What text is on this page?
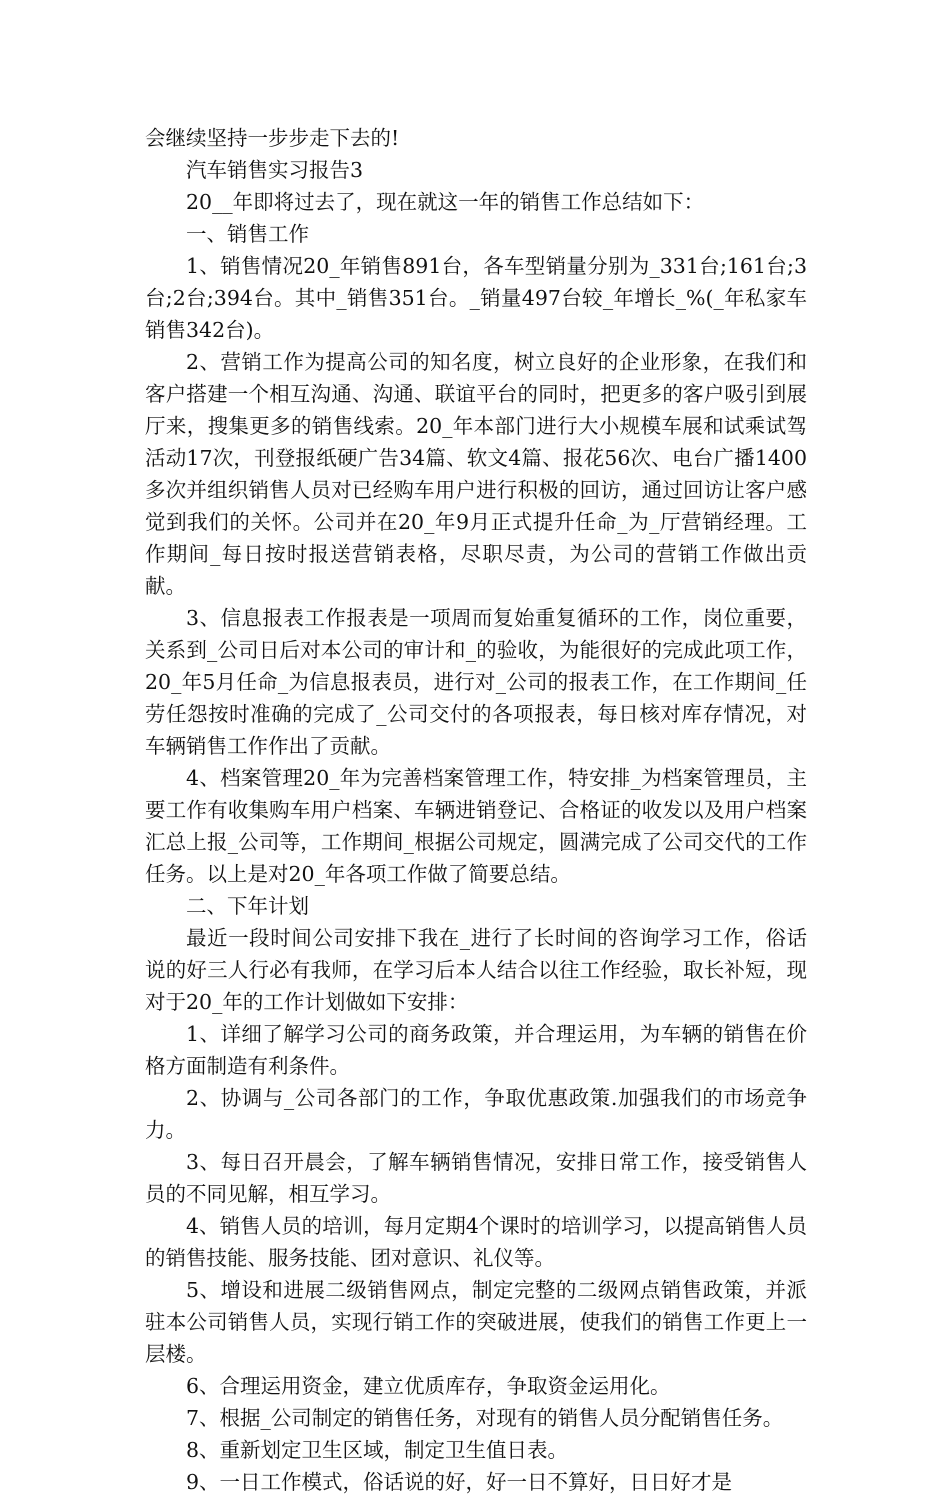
会继续坚持一步步走下去的!

汽车销售实习报告3

20__年即将过去了，现在就这一年的销售工作总结如下：

一、销售工作

1、销售情况20_年销售891台，各车型销量分别为_331台;161台;3台;2台;394台。其中_销售351台。_销量497台较_年增长_%(_年私家车销售342台)。

2、营销工作为提高公司的知名度，树立良好的企业形象，在我们和客户搭建一个相互沟通、沟通、联谊平台的同时，把更多的客户吸引到展厅来，搜集更多的销售线索。20_年本部门进行大小规模车展和试乘试驾活动17次，刊登报纸硬广告34篇、软文4篇、报花56次、电台广播1400多次并组织销售人员对已经购车用户进行积极的回访，通过回访让客户感觉到我们的关怀。公司并在20_年9月正式提升任命_为_厅营销经理。工作期间_每日按时报送营销表格，尽职尽责，为公司的营销工作做出贡献。

3、信息报表工作报表是一项周而复始重复循环的工作，岗位重要，关系到_公司日后对本公司的审计和_的验收，为能很好的完成此项工作，20_年5月任命_为信息报表员，进行对_公司的报表工作，在工作期间_任劳任怨按时准确的完成了_公司交付的各项报表，每日核对库存情况，对车辆销售工作作出了贡献。

4、档案管理20_年为完善档案管理工作，特安排_为档案管理员，主要工作有收集购车用户档案、车辆进销登记、合格证的收发以及用户档案汇总上报_公司等，工作期间_根据公司规定，圆满完成了公司交代的工作任务。以上是对20_年各项工作做了简要总结。

二、下年计划

最近一段时间公司安排下我在_进行了长时间的咨询学习工作，俗话说的好三人行必有我师，在学习后本人结合以往工作经验，取长补短，现对于20_年的工作计划做如下安排：

1、详细了解学习公司的商务政策，并合理运用，为车辆的销售在价格方面制造有利条件。

2、协调与_公司各部门的工作，争取优惠政策.加强我们的市场竞争力。

3、每日召开晨会，了解车辆销售情况，安排日常工作，接受销售人员的不同见解，相互学习。

4、销售人员的培训，每月定期4个课时的培训学习，以提高销售人员的销售技能、服务技能、团对意识、礼仪等。

5、增设和进展二级销售网点，制定完整的二级网点销售政策，并派驻本公司销售人员，实现行销工作的突破进展，使我们的销售工作更上一层楼。

6、合理运用资金，建立优质库存，争取资金运用化。

7、根据_公司制定的销售任务，对现有的销售人员分配销售任务。

8、重新划定卫生区域，制定卫生值日表。

9、一日工作模式，俗话说的好，好一日不算好，日日好才是
